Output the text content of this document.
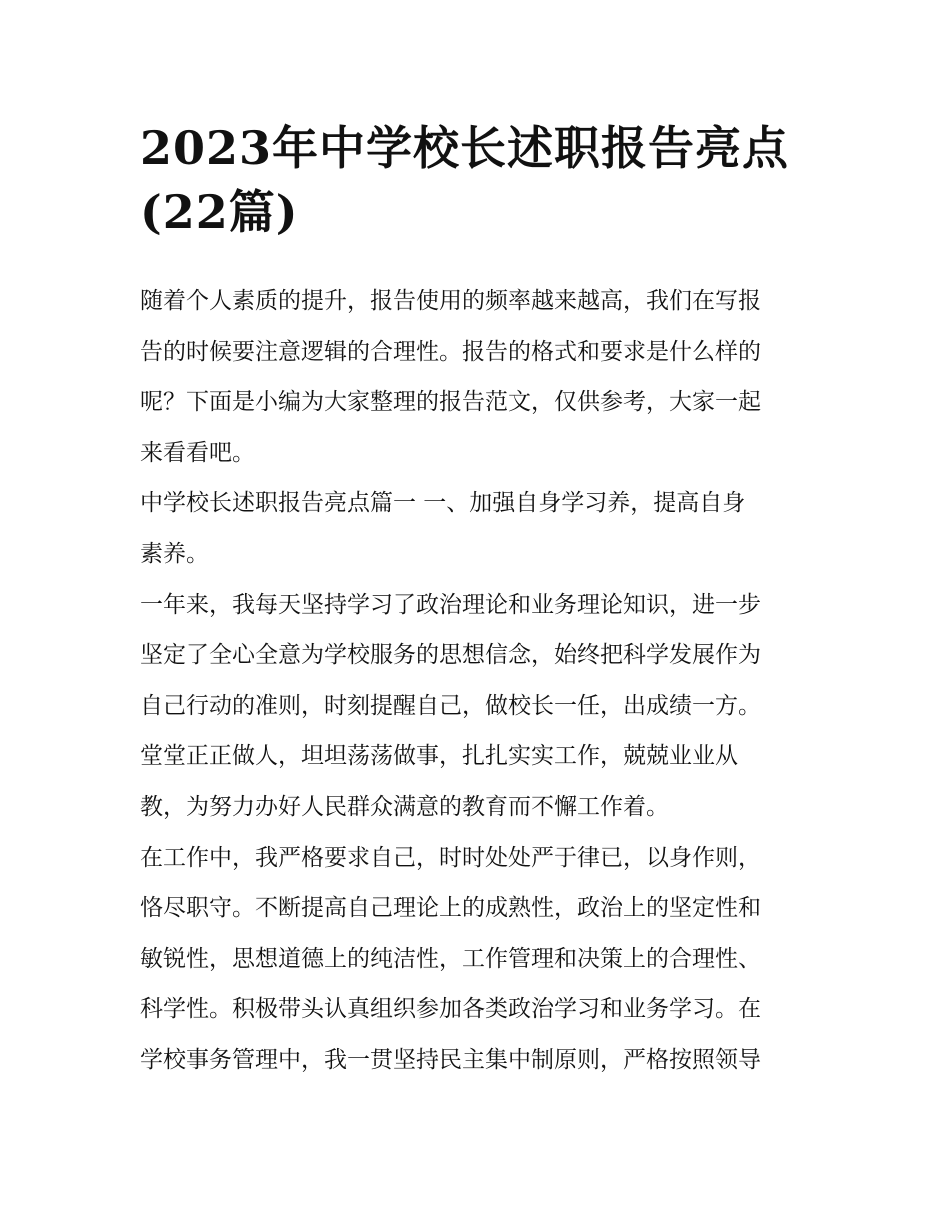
2023年中学校长述职报告亮点
(22篇)
随着个人素质的提升，报告使用的频率越来越高，我们在写报
告的时候要注意逻辑的合理性。报告的格式和要求是什么样的
呢？下面是小编为大家整理的报告范文，仅供参考，大家一起
来看看吧。
中学校长述职报告亮点篇一 一、加强自身学习养，提高自身
素养。
一年来，我每天坚持学习了政治理论和业务理论知识，进一步
坚定了全心全意为学校服务的思想信念，始终把科学发展作为
自己行动的准则，时刻提醒自己，做校长一任，出成绩一方。
堂堂正正做人，坦坦荡荡做事，扎扎实实工作，兢兢业业从
教，为努力办好人民群众满意的教育而不懈工作着。
在工作中，我严格要求自己，时时处处严于律已，以身作则，
恪尽职守。不断提高自己理论上的成熟性，政治上的坚定性和
敏锐性，思想道德上的纯洁性，工作管理和决策上的合理性、
科学性。积极带头认真组织参加各类政治学习和业务学习。在
学校事务管理中，我一贯坚持民主集中制原则，严格按照领导
